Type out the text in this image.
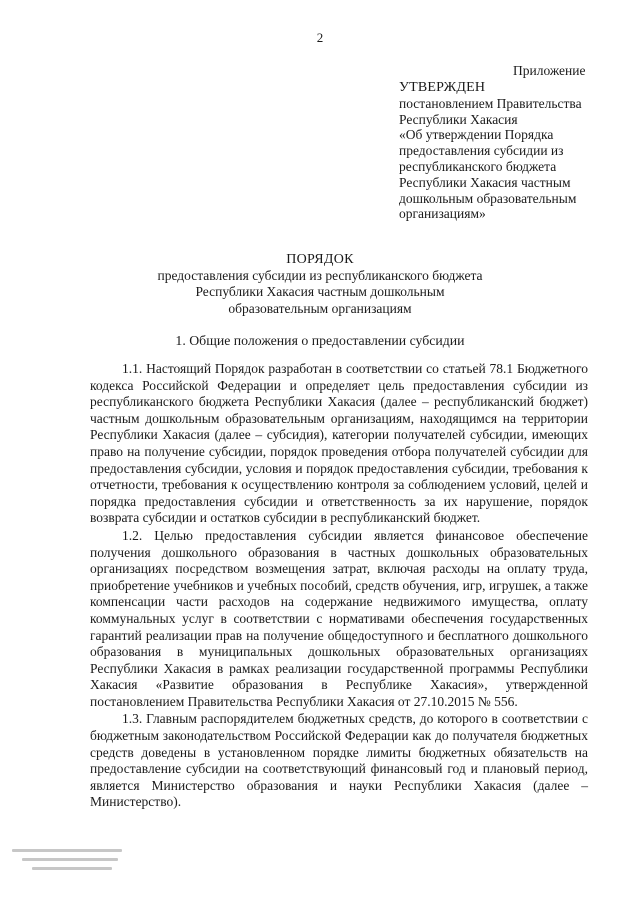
2
Приложение
УТВЕРЖДЕН
постановлением Правительства
Республики Хакасия
«Об утверждении Порядка
предоставления субсидии из
республиканского бюджета
Республики Хакасия частным
дошкольным образовательным
организациям»
ПОРЯДОК
предоставления субсидии из республиканского бюджета
Республики Хакасия частным дошкольным
образовательным организациям
1. Общие положения о предоставлении субсидии

1.1. Настоящий Порядок разработан в соответствии со статьей 78.1 Бюджетного кодекса Российской Федерации и определяет цель предоставления субсидии из республиканского бюджета Республики Хакасия (далее – республиканский бюджет) частным дошкольным образовательным организациям, находящимся на территории Республики Хакасия (далее – субсидия), категории получателей субсидии, имеющих право на получение субсидии, порядок проведения отбора получателей субсидии для предоставления субсидии, условия и порядок предоставления субсидии, требования к отчетности, требования к осуществлению контроля за соблюдением условий, целей и порядка предоставления субсидии и ответственность за их нарушение, порядок возврата субсидии и остатков субсидии в республиканский бюджет.

1.2. Целью предоставления субсидии является финансовое обеспечение получения дошкольного образования в частных дошкольных образовательных организациях посредством возмещения затрат, включая расходы на оплату труда, приобретение учебников и учебных пособий, средств обучения, игр, игрушек, а также компенсации части расходов на содержание недвижимого имущества, оплату коммунальных услуг в соответствии с нормативами обеспечения государственных гарантий реализации прав на получение общедоступного и бесплатного дошкольного образования в муниципальных дошкольных образовательных организациях Республики Хакасия в рамках реализации государственной программы Республики Хакасия «Развитие образования в Республике Хакасия», утвержденной постановлением Правительства Республики Хакасия от 27.10.2015 № 556.

1.3. Главным распорядителем бюджетных средств, до которого в соответствии с бюджетным законодательством Российской Федерации как до получателя бюджетных средств доведены в установленном порядке лимиты бюджетных обязательств на предоставление субсидии на соответствующий финансовый год и плановый период, является Министерство образования и науки Республики Хакасия (далее – Министерство).
